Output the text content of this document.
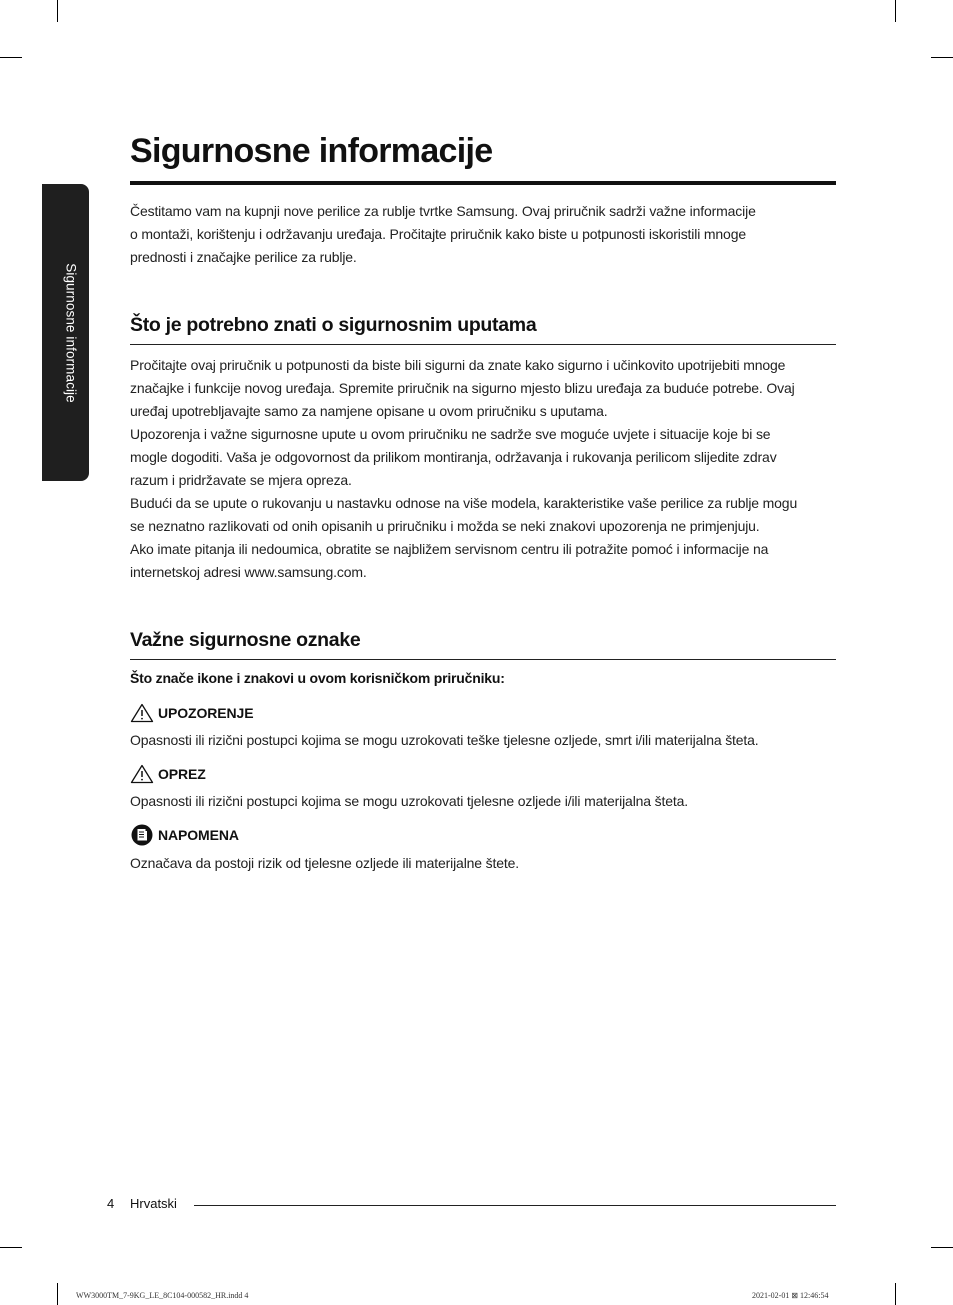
Sigurnosne informacije
Sigurnosne informacije

Čestitamo vam na kupnji nove perilice za rublje tvrtke Samsung. Ovaj priručnik sadrži važne informacije
o montaži, korištenju i održavanju uređaja. Pročitajte priručnik kako biste u potpunosti iskoristili mnoge
prednosti i značajke perilice za rublje.

Što je potrebno znati o sigurnosnim uputama

Pročitajte ovaj priručnik u potpunosti da biste bili sigurni da znate kako sigurno i učinkovito upotrijebiti mnoge
značajke i funkcije novog uređaja. Spremite priručnik na sigurno mjesto blizu uređaja za buduće potrebe. Ovaj
uređaj upotrebljavajte samo za namjene opisane u ovom priručniku s uputama.
Upozorenja i važne sigurnosne upute u ovom priručniku ne sadrže sve moguće uvjete i situacije koje bi se
mogle dogoditi. Vaša je odgovornost da prilikom montiranja, održavanja i rukovanja perilicom slijedite zdrav
razum i pridržavate se mjera opreza.
Budući da se upute o rukovanju u nastavku odnose na više modela, karakteristike vaše perilice za rublje mogu
se neznatno razlikovati od onih opisanih u priručniku i možda se neki znakovi upozorenja ne primjenjuju.
Ako imate pitanja ili nedoumica, obratite se najbližem servisnom centru ili potražite pomoć i informacije na
internetskoj adresi www.samsung.com.

Važne sigurnosne oznake

Što znače ikone i znakovi u ovom korisničkom priručniku:

UPOZORENJE

Opasnosti ili rizični postupci kojima se mogu uzrokovati teške tjelesne ozljede, smrt i/ili materijalna šteta.

OPREZ

Opasnosti ili rizični postupci kojima se mogu uzrokovati tjelesne ozljede i/ili materijalna šteta.

NAPOMENA

Označava da postoji rizik od tjelesne ozljede ili materijalne štete.

4 Hrvatski
WW3000TM_7-9KG_LE_8C104-000582_HR.indd 4	2021-02-01 ⊠ 12:46:54
